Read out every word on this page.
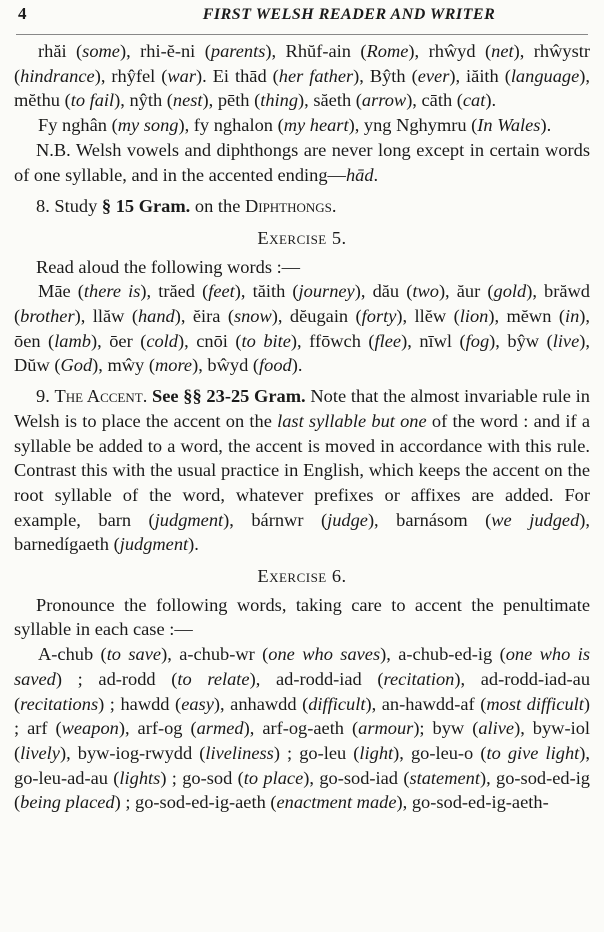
4	FIRST WELSH READER AND WRITER

rhăi (some), rhi-ĕ-ni (parents), Rhŭf-ain (Rome), rhŵyd (net), rhŵystr (hindrance), rhŷfel (war). Ei thād (her father), Bŷth (ever), iăith (language), mĕthu (to fail), nŷth (nest), pēth (thing), săeth (arrow), cāth (cat).

Fy nghân (my song), fy nghalon (my heart), yng Nghymru (In Wales).

N.B. Welsh vowels and diphthongs are never long except in certain words of one syllable, and in the accented ending—hād.

8. Study § 15 Gram. on the Diphthongs.

Exercise 5.

Read aloud the following words :—

Māe (there is), trăed (feet), tăith (journey), dău (two), ăur (gold), brăwd (brother), llăw (hand), ĕira (snow), dĕugain (forty), llĕw (lion), mĕwn (in), ōen (lamb), ōer (cold), cnōi (to bite), ffōwch (flee), nīwl (fog), bŷw (live), Dŭw (God), mŵy (more), bŵyd (food).

9. The Accent. See §§ 23-25 Gram. Note that the almost invariable rule in Welsh is to place the accent on the last syllable but one of the word : and if a syllable be added to a word, the accent is moved in accordance with this rule. Contrast this with the usual practice in English, which keeps the accent on the root syllable of the word, whatever prefixes or affixes are added. For example, barn (judgment), bárnwr (judge), barnásom (we judged), barnedígaeth (judgment).

Exercise 6.

Pronounce the following words, taking care to accent the penultimate syllable in each case :—

A-chub (to save), a-chub-wr (one who saves), a-chub-ed-ig (one who is saved) ; ad-rodd (to relate), ad-rodd-iad (recitation), ad-rodd-iad-au (recitations) ; hawdd (easy), anhawdd (difficult), an-hawdd-af (most difficult) ; arf (weapon), arf-og (armed), arf-og-aeth (armour); byw (alive), byw-iol (lively), byw-iog-rwydd (liveliness) ; go-leu (light), go-leu-o (to give light), go-leu-ad-au (lights) ; go-sod (to place), go-sod-iad (statement), go-sod-ed-ig (being placed) ; go-sod-ed-ig-aeth (enactment made), go-sod-ed-ig-aeth-
